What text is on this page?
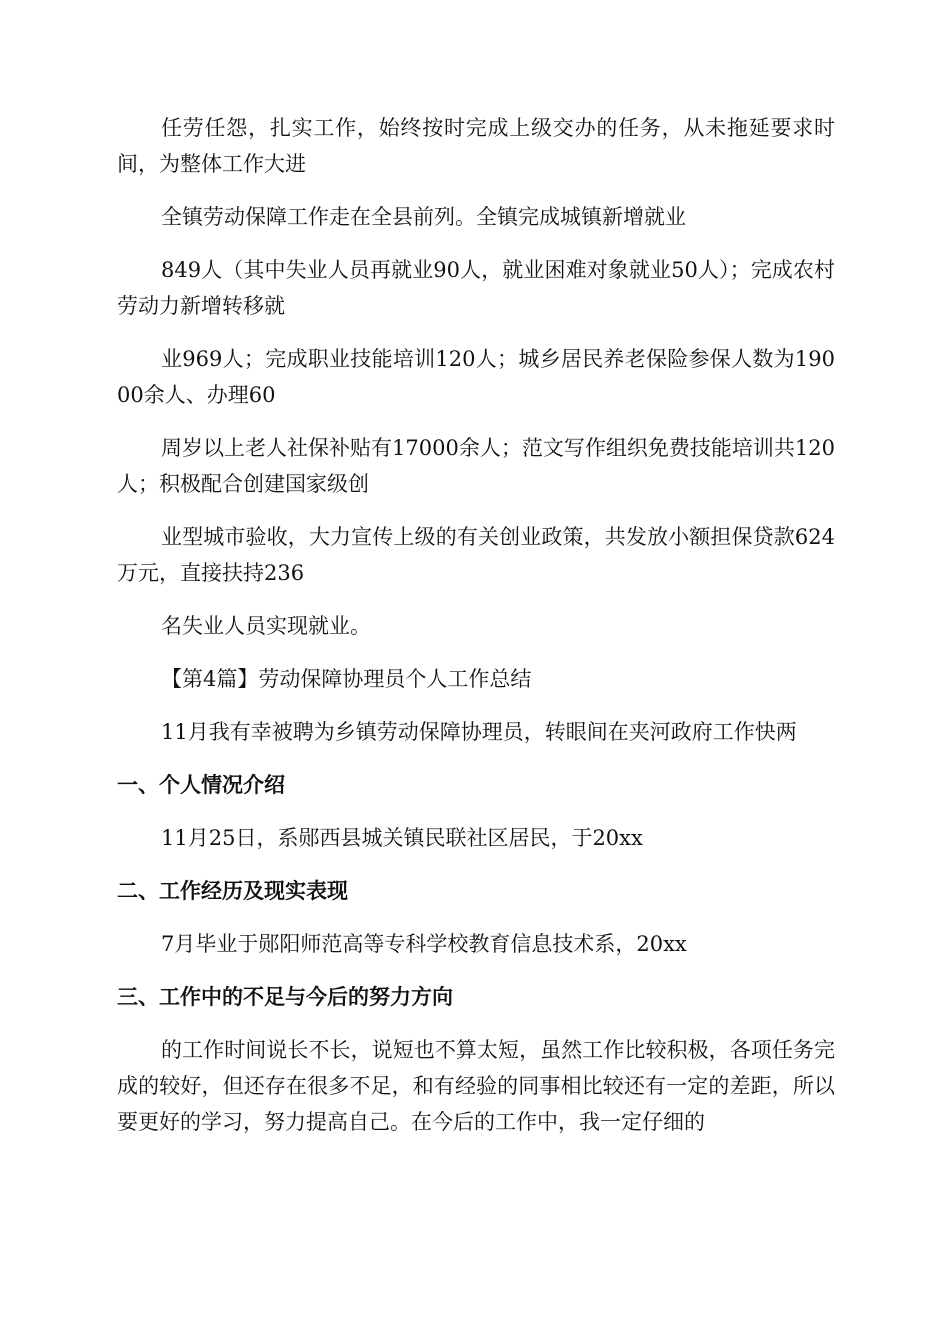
任劳任怨，扎实工作，始终按时完成上级交办的任务，从未拖延要求时间，为整体工作大进

全镇劳动保障工作走在全县前列。全镇完成城镇新增就业

849人（其中失业人员再就业90人，就业困难对象就业50人）；完成农村劳动力新增转移就

业969人；完成职业技能培训120人；城乡居民养老保险参保人数为19000余人、办理60

周岁以上老人社保补贴有17000余人；范文写作组织免费技能培训共120人；积极配合创建国家级创

业型城市验收，大力宣传上级的有关创业政策，共发放小额担保贷款624万元，直接扶持236

名失业人员实现就业。

【第4篇】劳动保障协理员个人工作总结

11月我有幸被聘为乡镇劳动保障协理员，转眼间在夹河政府工作快两

一、个人情况介绍

11月25日，系郧西县城关镇民联社区居民，于20xx

二、工作经历及现实表现

7月毕业于郧阳师范高等专科学校教育信息技术系，20xx

三、工作中的不足与今后的努力方向

的工作时间说长不长，说短也不算太短，虽然工作比较积极，各项任务完成的较好，但还存在很多不足，和有经验的同事相比较还有一定的差距，所以要更好的学习，努力提高自己。在今后的工作中，我一定仔细的
